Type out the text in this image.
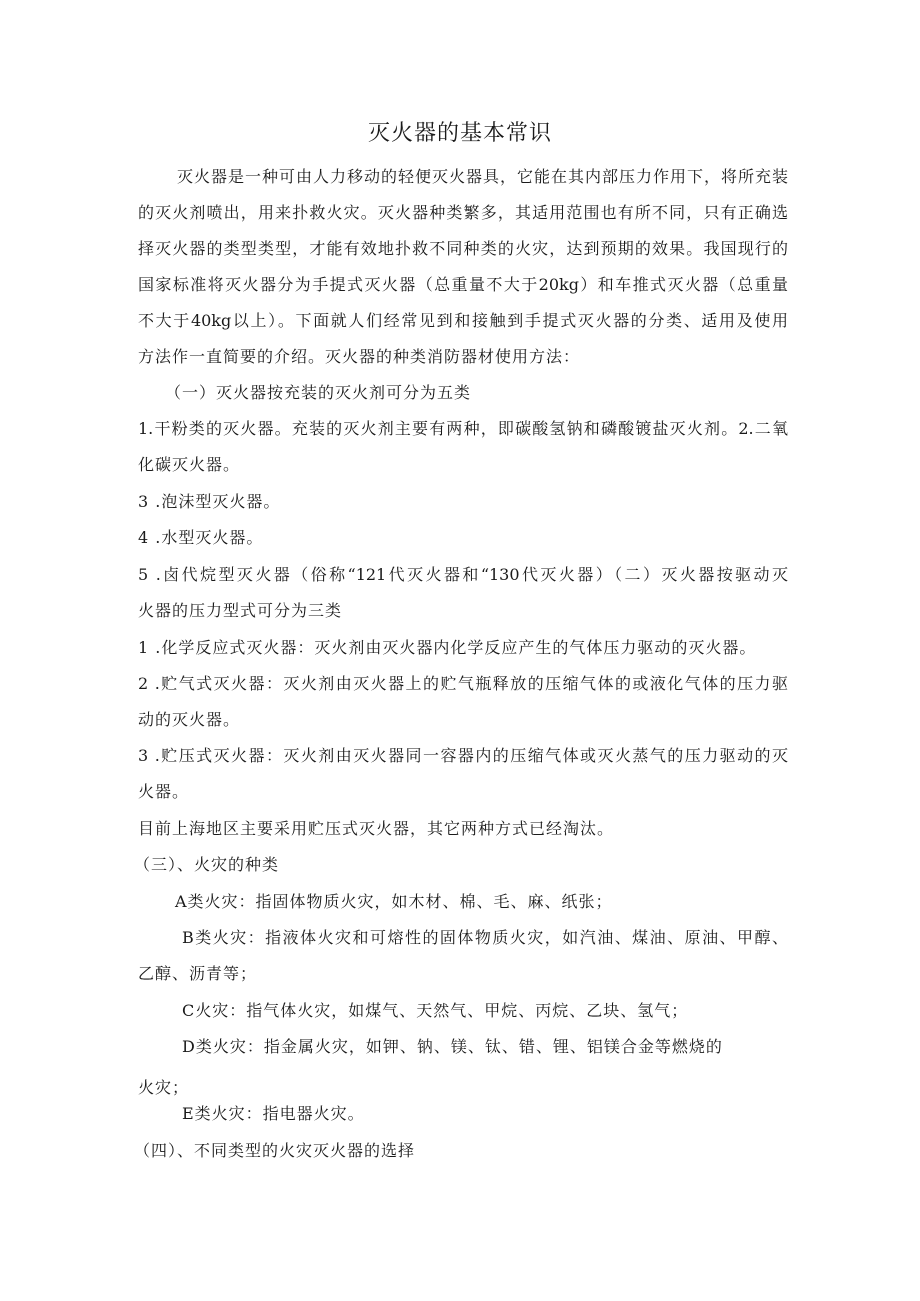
灭火器的基本常识
灭火器是一种可由人力移动的轻便灭火器具，它能在其内部压力作用下，将所充装
的灭火剂喷出，用来扑救火灾。灭火器种类繁多，其适用范围也有所不同，只有正确选
择灭火器的类型类型，才能有效地扑救不同种类的火灾，达到预期的效果。我国现行的
国家标准将灭火器分为手提式灭火器（总重量不大于20kg）和车推式灭火器（总重量
不大于40kg以上）。下面就人们经常见到和接触到手提式灭火器的分类、适用及使用
方法作一直简要的介绍。灭火器的种类消防器材使用方法：
（一）灭火器按充装的灭火剂可分为五类
1.干粉类的灭火器。充装的灭火剂主要有两种，即碳酸氢钠和磷酸镀盐灭火剂。2.二氧
化碳灭火器。
3 .泡沫型灭火器。
4 .水型灭火器。
5 .卤代烷型灭火器（俗称“121代灭火器和“130代灭火器）（二）灭火器按驱动灭
火器的压力型式可分为三类
1 .化学反应式灭火器：灭火剂由灭火器内化学反应产生的气体压力驱动的灭火器。
2 .贮气式灭火器：灭火剂由灭火器上的贮气瓶释放的压缩气体的或液化气体的压力驱
动的灭火器。
3 .贮压式灭火器：灭火剂由灭火器同一容器内的压缩气体或灭火蒸气的压力驱动的灭
火器。
目前上海地区主要采用贮压式灭火器，其它两种方式已经淘汰。
（三）、火灾的种类
A类火灾：指固体物质火灾，如木材、棉、毛、麻、纸张；
B类火灾：指液体火灾和可熔性的固体物质火灾，如汽油、煤油、原油、甲醇、
乙醇、沥青等；
C火灾：指气体火灾，如煤气、天然气、甲烷、丙烷、乙块、氢气；
D类火灾：指金属火灾，如钾、钠、镁、钛、错、锂、铝镁合金等燃烧的
火灾；
E类火灾：指电器火灾。
（四）、不同类型的火灾灭火器的选择
